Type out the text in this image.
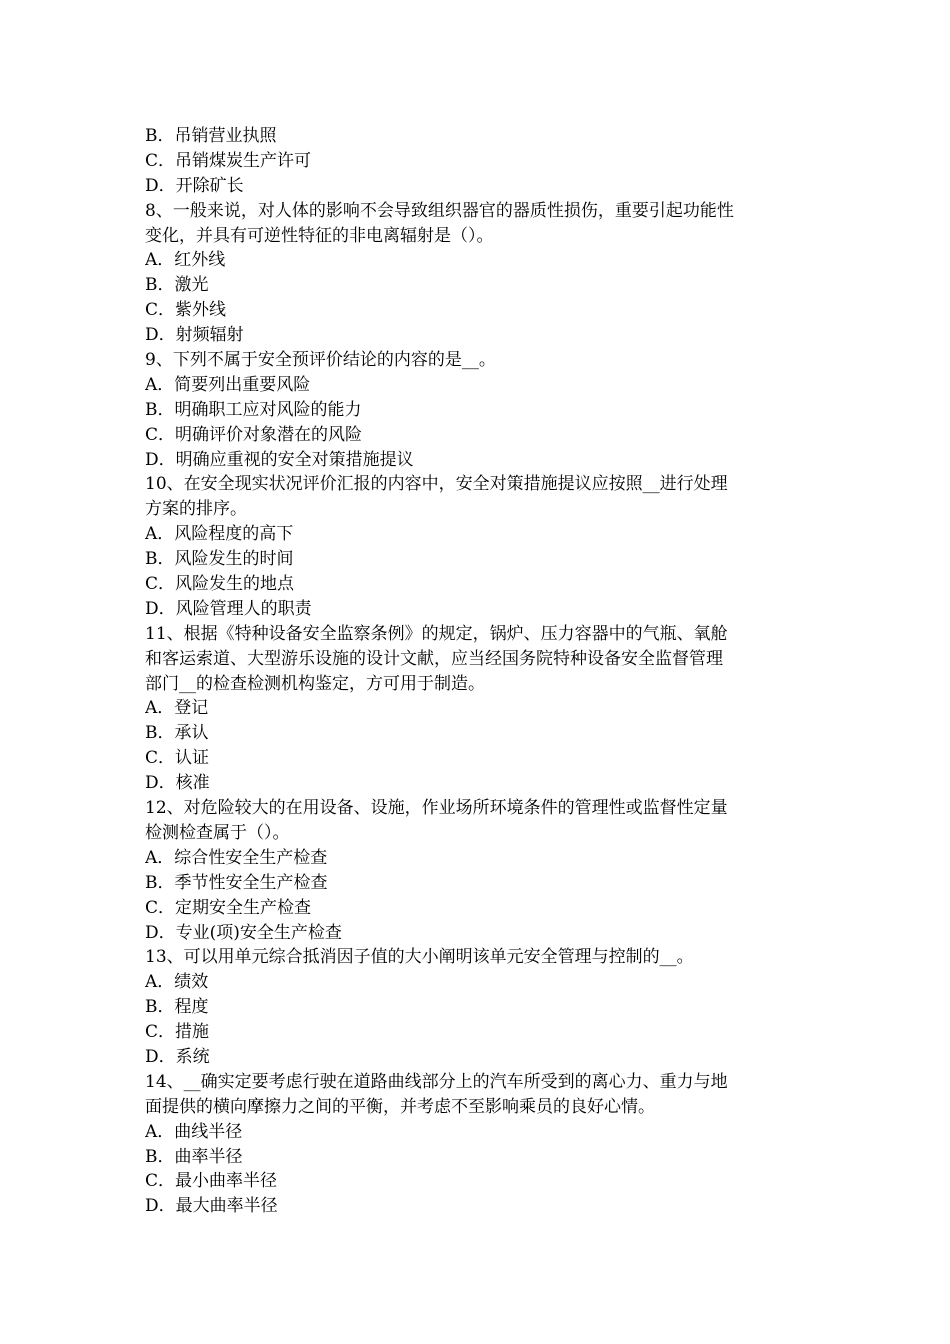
B．吊销营业执照
C．吊销煤炭生产许可
D．开除矿长
8、一般来说，对人体的影响不会导致组织器官的器质性损伤，重要引起功能性
变化，并具有可逆性特征的非电离辐射是（）。
A．红外线
B．激光
C．紫外线
D．射频辐射
9、下列不属于安全预评价结论的内容的是__。
A．简要列出重要风险
B．明确职工应对风险的能力
C．明确评价对象潜在的风险
D．明确应重视的安全对策措施提议
10、在安全现实状况评价汇报的内容中，安全对策措施提议应按照__进行处理
方案的排序。
A．风险程度的高下
B．风险发生的时间
C．风险发生的地点
D．风险管理人的职责
11、根据《特种设备安全监察条例》的规定，锅炉、压力容器中的气瓶、氧舱
和客运索道、大型游乐设施的设计文献，应当经国务院特种设备安全监督管理
部门__的检查检测机构鉴定，方可用于制造。
A．登记
B．承认
C．认证
D．核准
12、对危险较大的在用设备、设施，作业场所环境条件的管理性或监督性定量
检测检查属于（）。
A．综合性安全生产检查
B．季节性安全生产检查
C．定期安全生产检查
D．专业(项)安全生产检查
13、可以用单元综合抵消因子值的大小阐明该单元安全管理与控制的__。
A．绩效
B．程度
C．措施
D．系统
14、__确实定要考虑行驶在道路曲线部分上的汽车所受到的离心力、重力与地
面提供的横向摩擦力之间的平衡，并考虑不至影响乘员的良好心情。
A．曲线半径
B．曲率半径
C．最小曲率半径
D．最大曲率半径
